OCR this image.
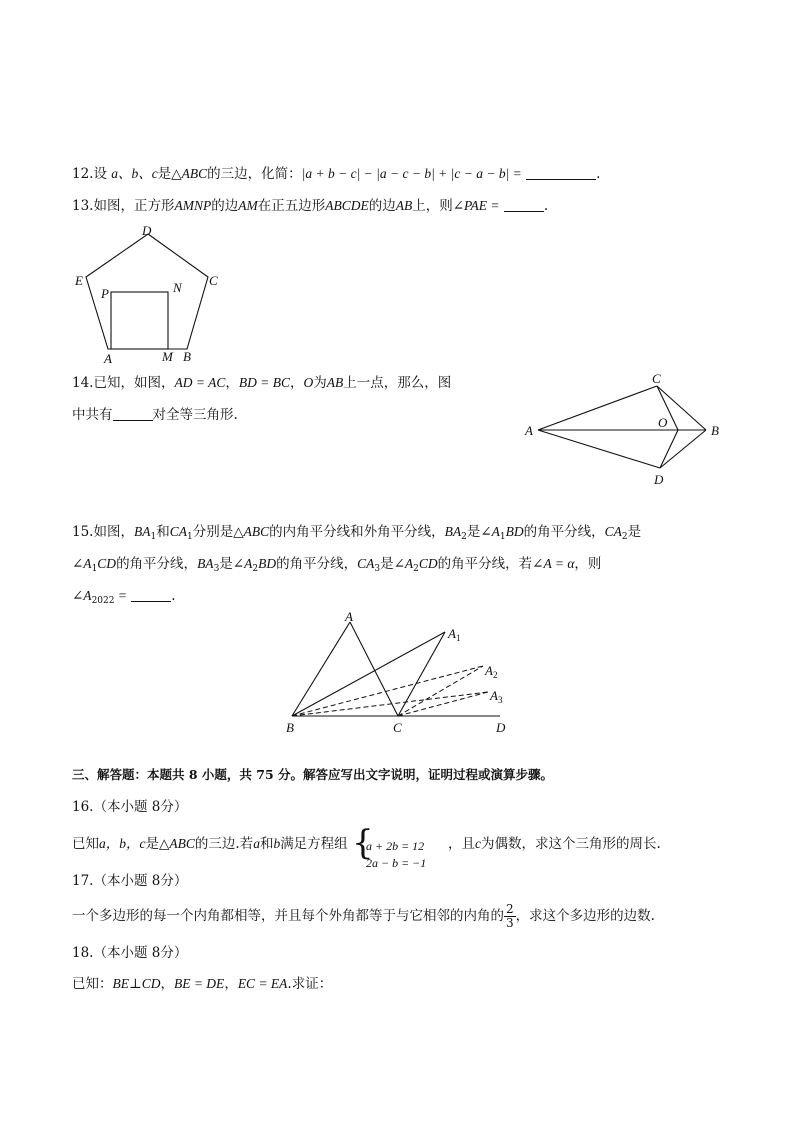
12.设 a、b、c是△ABC的三边，化简：|a + b − c| − |a − c − b| + |c − a − b| =	.
13.如图，正方形AMNP的边AM在正五边形ABCDE的边AB上，则∠PAE =	.
D
C
E
P	N
A	M B
14.已知，如图，AD = AC，BD = BC，O为AB上一点，那么，图
中共有	对全等三角形.
A	B
C
D
O
15.如图，$BA_1$和$CA_1$分别是△ABC的内角平分线和外角平分线，$BA_2$是$\angle A_1BD$的角平分线，$CA_2$是
$\angle A_1CD$的角平分线，$BA_3$是$\angle A_2BD$的角平分线，$CA_3$是$\angle A_2CD$的角平分线，若∠A = α，则
$\angle A_{2022}$ =	.
A
$A_1$
$A_2$
$A_3$
B	C	D
三、解答题：本题共 8 小题，共 75 分。解答应写出文字说明，证明过程或演算步骤。
16.（本小题 8分）
已知a，b，c是△ABC的三边.若a和b满足方程组 {
a + 2b = 12
2a − b = −1
，且c为偶数，求这个三角形的周长.
17.（本小题 8分）
一个多边形的每一个内角都相等，并且每个外角都等于与它相邻的内角的 $\frac{2}{3}$ ，求这个多边形的边数.
18.（本小题 8分）
已知：BE⊥CD，BE = DE，EC = EA.求证：
